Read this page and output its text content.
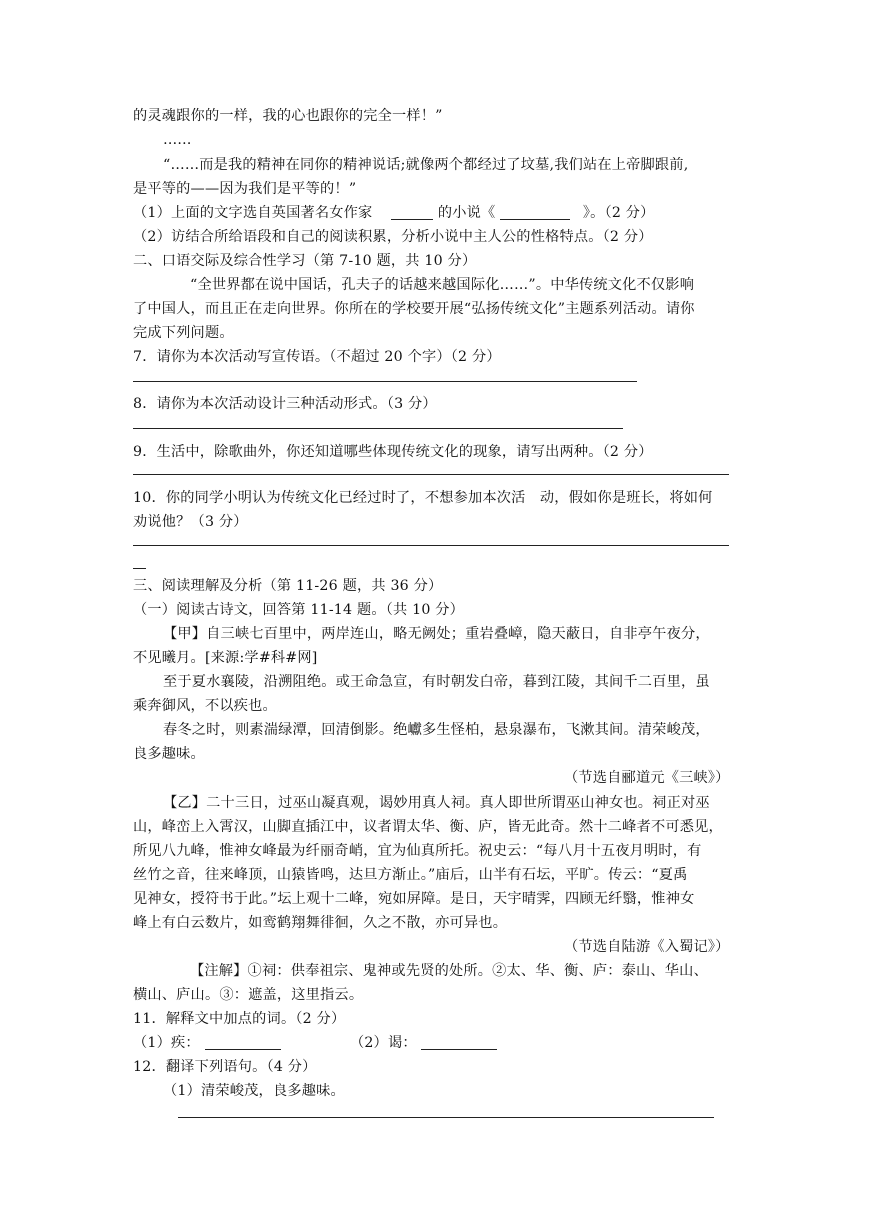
的灵魂跟你的一样，我的心也跟你的完全一样！”
……
“……而是我的精神在同你的精神说话;就像两个都经过了坟墓,我们站在上帝脚跟前,
是平等的——因为我们是平等的！”
（1）上面的文字选自英国著名女作家	的小说《	》。（2 分）
（2）访结合所给语段和自己的阅读积累，分析小说中主人公的性格特点。（2 分）
二、口语交际及综合性学习（第 7-10 题，共 10 分）
“全世界都在说中国话，孔夫子的话越来越国际化……”。中华传统文化不仅影响
了中国人，而且正在走向世界。你所在的学校要开展“弘扬传统文化”主题系列活动。请你
完成下列问题。
7．请你为本次活动写宣传语。（不超过 20 个字）（2 分）
8．请你为本次活动设计三种活动形式。（3 分）
9．生活中，除歌曲外，你还知道哪些体现传统文化的现象，请写出两种。（2 分）
10．你的同学小明认为传统文化已经过时了，不想参加本次活　动，假如你是班长，将如何
劝说他？（3 分）
三、阅读理解及分析（第 11-26 题，共 36 分）
（一）阅读古诗文，回答第 11-14 题。（共 10 分）
【甲】自三峡七百里中，两岸连山，略无阙处；重岩叠嶂，隐天蔽日，自非亭午夜分，
不见曦月。[来源:学#科#网]
至于夏水襄陵，沿溯阻绝。或王命急宣，有时朝发白帝，暮到江陵，其间千二百里，虽
乘奔御风，不以疾也。
春冬之时，则素湍绿潭，回清倒影。绝巘多生怪柏，悬泉瀑布，飞漱其间。清荣峻茂，
良多趣味。
（节选自郦道元《三峡》）
【乙】二十三日，过巫山凝真观，谒妙用真人祠。真人即世所谓巫山神女也。祠正对巫
山，峰峦上入霄汉，山脚直插江中，议者谓太华、衡、庐，皆无此奇。然十二峰者不可悉见，
所见八九峰，惟神女峰最为纤丽奇峭，宜为仙真所托。祝史云：“每八月十五夜月明时，有
丝竹之音，往来峰顶，山猿皆鸣，达旦方渐止。”庙后，山半有石坛，平旷。传云：“夏禹
见神女，授符书于此。”坛上观十二峰，宛如屏障。是日，天宇晴霁，四顾无纤翳，惟神女
峰上有白云数片，如鸾鹤翔舞徘徊，久之不散，亦可异也。
（节选自陆游《入蜀记》）
【注解】①祠：供奉祖宗、鬼神或先贤的处所。②太、华、衡、庐：泰山、华山、
横山、庐山。③：遮盖，这里指云。
11．解释文中加点的词。（2 分）
（1）疾：	（2）谒：
12．翻译下列语句。（4 分）
（1）清荣峻茂，良多趣味。
